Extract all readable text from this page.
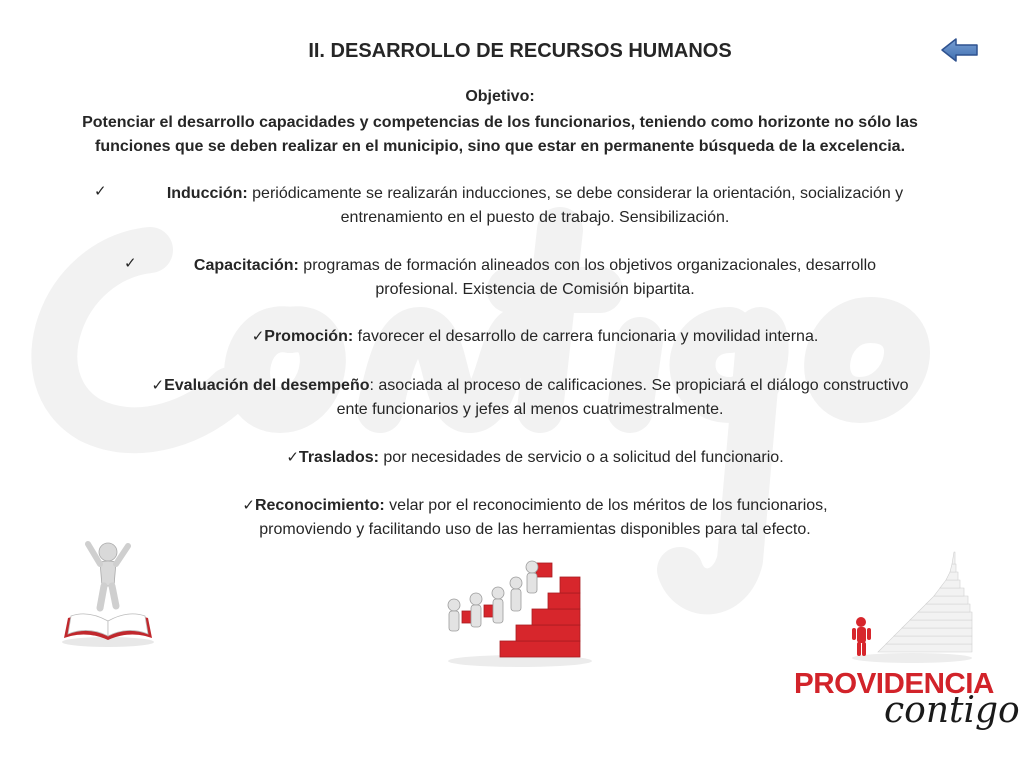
II. DESARROLLO DE RECURSOS HUMANOS
Objetivo:
Potenciar el desarrollo capacidades y competencias de los funcionarios, teniendo como horizonte no sólo las funciones que se deben realizar en el municipio, sino que estar en permanente búsqueda de la excelencia.
✓	Inducción: periódicamente se realizarán inducciones, se debe considerar la orientación, socialización y
entrenamiento en el puesto de trabajo. Sensibilización.
✓	Capacitación: programas de formación alineados con los objetivos organizacionales, desarrollo
profesional. Existencia de Comisión bipartita.
✓Promoción: favorecer el desarrollo de carrera funcionaria y movilidad interna.
✓Evaluación del desempeño: asociada al proceso de calificaciones. Se propiciará el diálogo constructivo
ente funcionarios y jefes al menos cuatrimestralmente.
✓Traslados: por necesidades de servicio o a solicitud del funcionario.
✓Reconocimiento: velar por el reconocimiento de los méritos de los funcionarios,
promoviendo y facilitando uso de las herramientas disponibles para tal efecto.
PROVIDENCIA
contigo
